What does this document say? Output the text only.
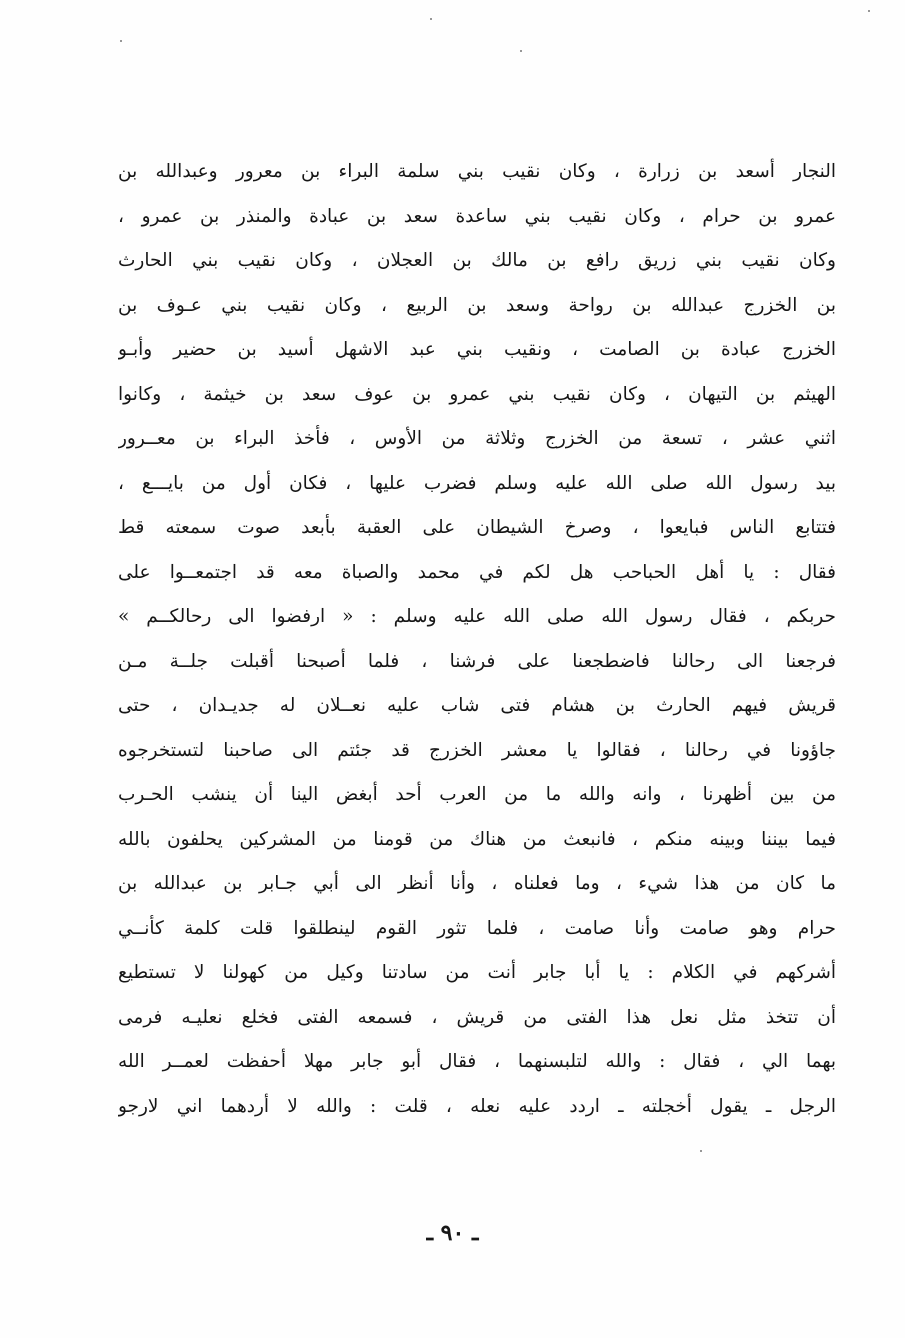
النجار أسعد بن زرارة ، وكان نقيب بني سلمة البراء بن معرور وعبدالله بن
عمرو بن حرام ، وكان نقيب بني ساعدة سعد بن عبادة والمنذر بن عمرو ،
وكان نقيب بني زريق رافع بن مالك بن العجلان ، وكان نقيب بني الحارث
بن الخزرج عبدالله بن رواحة وسعد بن الربيع ، وكان نقيب بني عـوف بن
الخزرج عبادة بن الصامت ، ونقيب بني عبد الاشهل أسيد بن حضير وأبـو
الهيثم بن التيهان ، وكان نقيب بني عمرو بن عوف سعد بن خيثمة ، وكانوا
اثني عشر ، تسعة من الخزرج وثلاثة من الأوس ، فأخذ البراء بن معــرور
بيد رسول الله صلى الله عليه وسلم فضرب عليها ، فكان أول من بايـــع ،
فتتابع الناس فبايعوا ، وصرخ الشيطان على العقبة بأبعد صوت سمعته قط
فقال : يا أهل الحباحب هل لكم في محمد والصباة معه قد اجتمعــوا على
حربكم ، فقال رسول الله صلى الله عليه وسلم : « ارفضوا الى رحالكــم »
فرجعنا الى رحالنا فاضطجعنا على فرشنا ، فلما أصبحنا أقبلت جلــة مـن
قريش فيهم الحارث بن هشام فتى شاب عليه نعــلان له جديـدان ، حتى
جاؤونا في رحالنا ، فقالوا يا معشر الخزرج قد جئتم الى صاحبنا لتستخرجوه
من بين أظهرنا ، وانه والله ما من العرب أحد أبغض الينا أن ينشب الحـرب
فيما بيننا وبينه منكم ، فانبعث من هناك من قومنا من المشركين يحلفون بالله
ما كان من هذا شيء ، وما فعلناه ، وأنا أنظر الى أبي جـابر بن عبدالله بن
حرام وهو صامت وأنا صامت ، فلما تثور القوم لينطلقوا قلت كلمة كأنــي
أشركهم في الكلام : يا أبا جابر أنت من سادتنا وكيل من كهولنا لا تستطيع
أن تتخذ مثل نعل هذا الفتى من قريش ، فسمعه الفتى فخلع نعليـه فرمى
بهما الي ، فقال : والله لتلبسنهما ، فقال أبو جابر مهلا أحفظت لعمــر الله
الرجل ـ يقول أخجلته ـ اردد عليه نعله ، قلت : والله لا أردهما اني لارجو
ـ ٩٠ ـ
